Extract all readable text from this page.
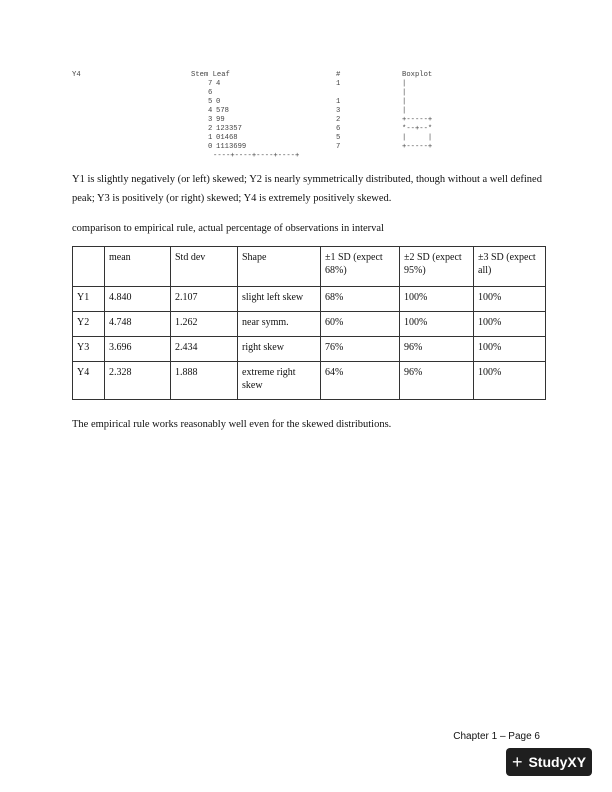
Y4

	Stem Leaf

	#

	Boxplot

7 4	1	|
6	|
5 0	1	|
4 578	3	|
3 99	2	+-----+
2 123357	6	*--+--*
1 01468	5	|     |
0 1113699	7	+-----+

----+----+----+----+

Y1 is slightly negatively (or left) skewed; Y2 is nearly symmetrically distributed, though without a well defined peak; Y3 is positively (or right) skewed; Y4 is extremely positively skewed.
comparison to empirical rule, actual percentage of observations in interval
	mean	Std dev	Shape	±1 SD (expect 68%)	±2 SD (expect 95%)	±3 SD (expect all)
Y1	4.840	2.107	slight left skew	68%	100%	100%
Y2	4.748	1.262	near symm.	60%	100%	100%
Y3	3.696	2.434	right skew	76%	96%	100%
Y4	2.328	1.888	extreme right skew	64%	96%	100%
The empirical rule works reasonably well even for the skewed distributions.
Chapter 1 – Page 6
+ StudyXY
